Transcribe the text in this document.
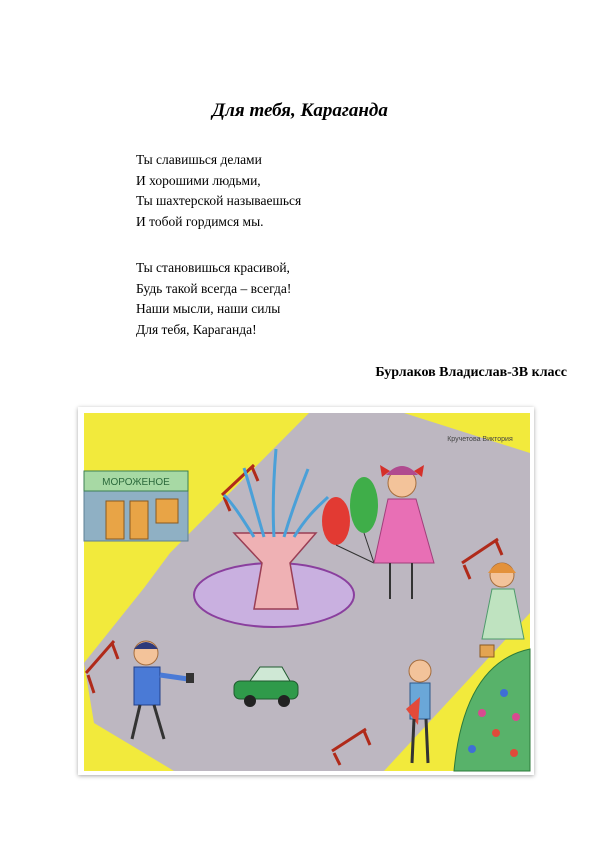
Для тебя, Караганда
Ты славишься делами
И хорошими людьми,
Ты шахтерской называешься
И тобой гордимся мы.
Ты становишься красивой,
Будь такой всегда – всегда!
Наши мысли, наши силы
Для тебя, Караганда!
Бурлаков Владислав-3В класс
МОРОЖЕНОЕ
Кручетова Виктория
